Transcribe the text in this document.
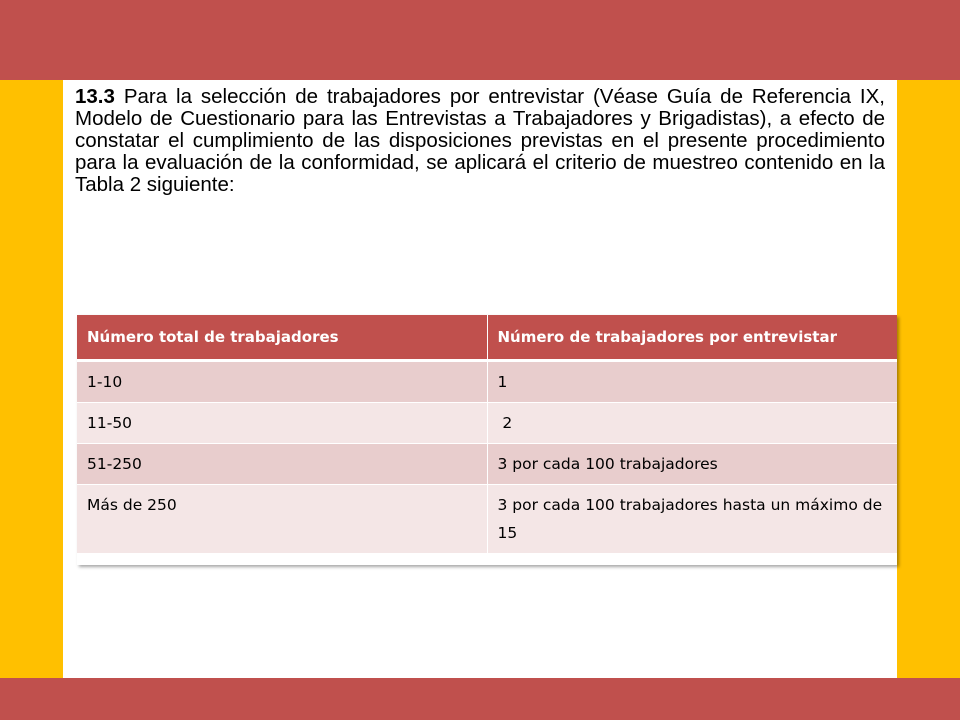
13.3 Para la selección de trabajadores por entrevistar (Véase Guía de Referencia IX, Modelo de Cuestionario para las Entrevistas a Trabajadores y Brigadistas), a efecto de constatar el cumplimiento de las disposiciones previstas en el presente procedimiento para la evaluación de la conformidad, se aplicará el criterio de muestreo contenido en la Tabla 2 siguiente:

Número total de trabajadores	Número de trabajadores por entrevistar
1-10	1
11-50	2
51-250	3 por cada 100 trabajadores
Más de 250	3 por cada 100 trabajadores hasta un máximo de 15
